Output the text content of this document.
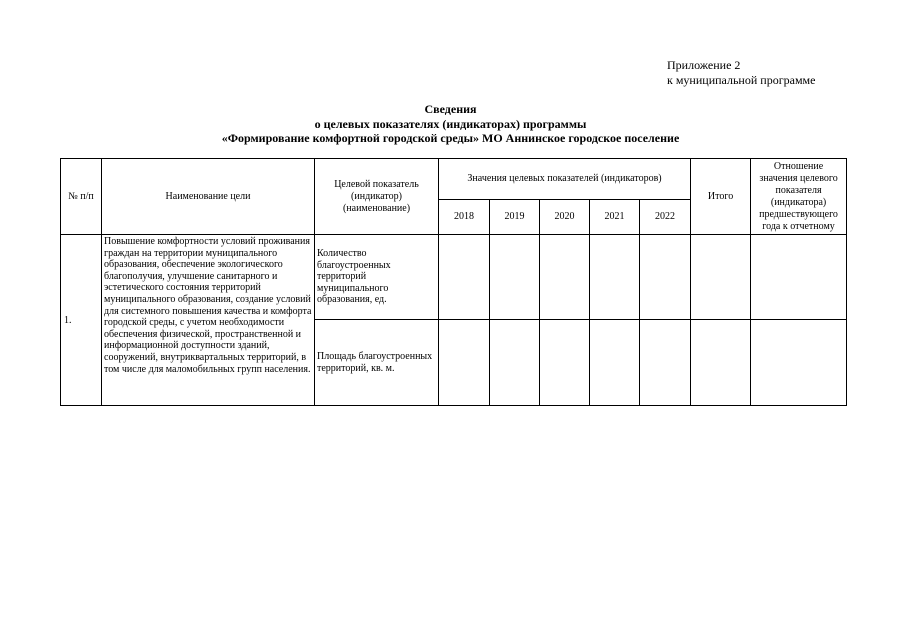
Приложение 2
к муниципальной программе
Сведения
о целевых показателях (индикаторах) программы
«Формирование комфортной городской среды» МО Аннинское городское поселение
№ п/п	Наименование цели	Целевой показатель (индикатор) (наименование)	Значения целевых показателей (индикаторов)					Итого	Отношение значения целевого показателя (индикатора) предшествующего года к отчетному
			2018	2019	2020	2021	2022		
1.	Повышение комфортности условий проживания граждан на территории муниципального образования, обеспечение экологического благополучия, улучшение санитарного и эстетического состояния территорий муниципального образования, создание условий для системного повышения качества и комфорта городской среды, с учетом необходимости обеспечения физической, пространственной и информационной доступности зданий, сооружений, внутриквартальных территорий, в том числе для маломобильных групп населения.	Количество благоустроенных территорий муниципального образования, ед.							
		Площадь благоустроенных территорий, кв. м.							
